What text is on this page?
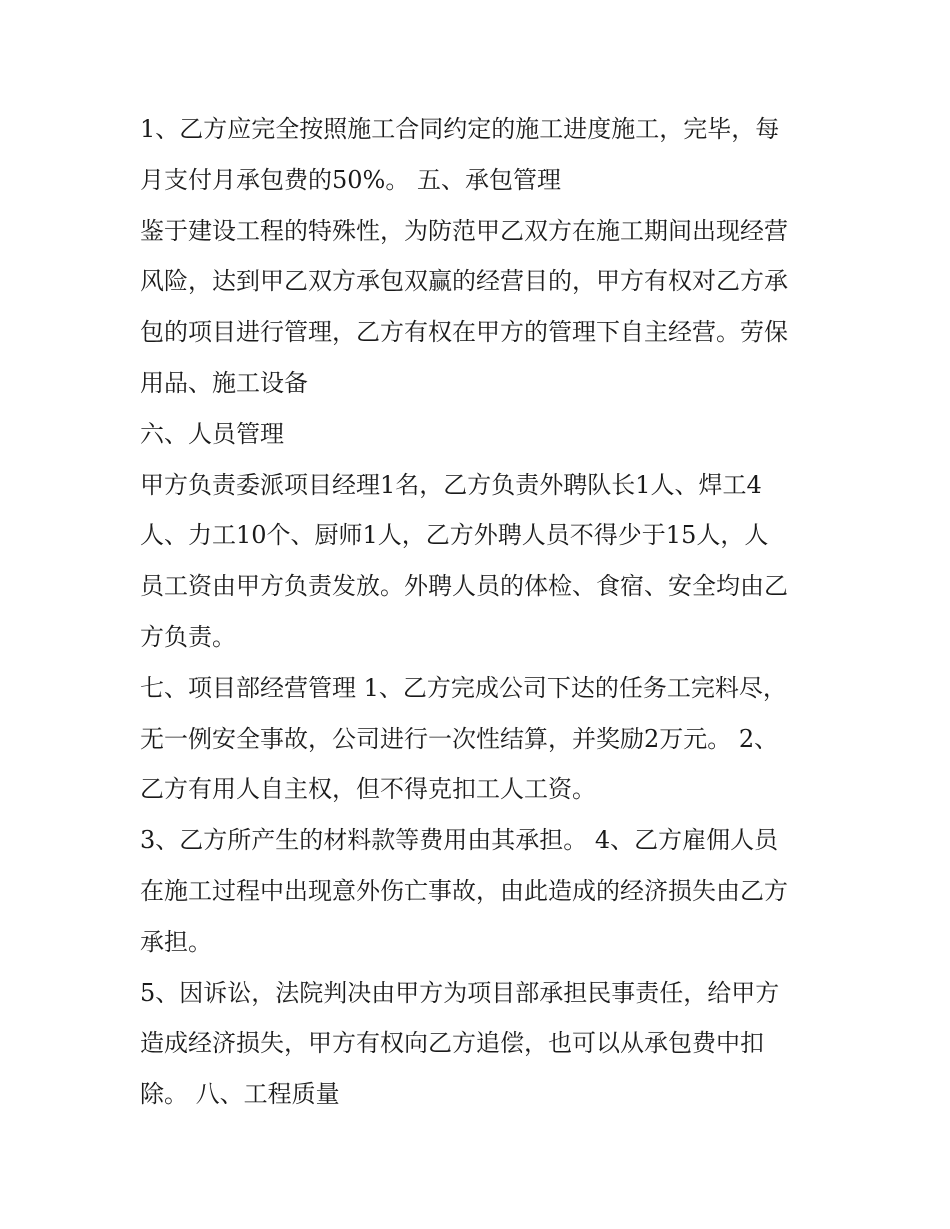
1、乙方应完全按照施工合同约定的施工进度施工，完毕，每
月支付月承包费的50%。 五、承包管理
鉴于建设工程的特殊性，为防范甲乙双方在施工期间出现经营
风险，达到甲乙双方承包双赢的经营目的，甲方有权对乙方承
包的项目进行管理，乙方有权在甲方的管理下自主经营。劳保
用品、施工设备
六、人员管理
甲方负责委派项目经理1名，乙方负责外聘队长1人、焊工4
人、力工10个、厨师1人，乙方外聘人员不得少于15人，人
员工资由甲方负责发放。外聘人员的体检、食宿、安全均由乙
方负责。
七、项目部经营管理 1、乙方完成公司下达的任务工完料尽，
无一例安全事故，公司进行一次性结算，并奖励2万元。 2、
乙方有用人自主权，但不得克扣工人工资。
3、乙方所产生的材料款等费用由其承担。 4、乙方雇佣人员
在施工过程中出现意外伤亡事故，由此造成的经济损失由乙方
承担。
5、因诉讼，法院判决由甲方为项目部承担民事责任，给甲方
造成经济损失，甲方有权向乙方追偿，也可以从承包费中扣
除。 八、工程质量
